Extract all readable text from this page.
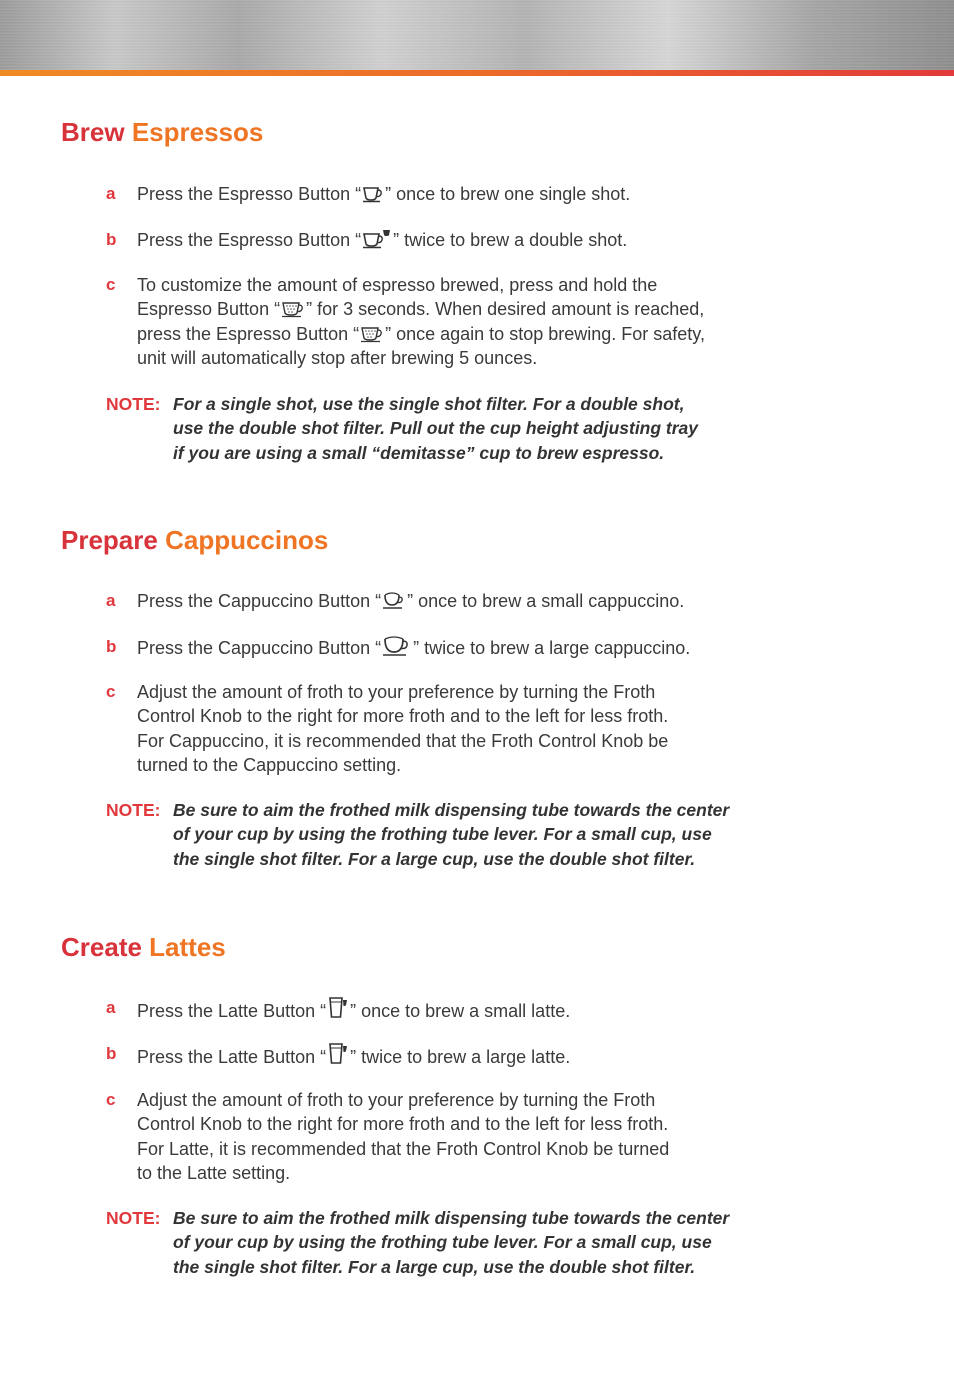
Brew Espressos
a Press the Espresso Button “ ” once to brew one single shot.
b Press the Espresso Button “ ” twice to brew a double shot.
c To customize the amount of espresso brewed, press and hold the
Espresso Button “ ” for 3 seconds. When desired amount is reached,
press the Espresso Button “ ” once again to stop brewing. For safety,
unit will automatically stop after brewing 5 ounces.
NOTE: For a single shot, use the single shot filter. For a double shot,
use the double shot filter. Pull out the cup height adjusting tray
if you are using a small “demitasse” cup to brew espresso.
Prepare Cappuccinos
a Press the Cappuccino Button “ ” once to brew a small cappuccino.
b Press the Cappuccino Button “ ” twice to brew a large cappuccino.
c Adjust the amount of froth to your preference by turning the Froth
Control Knob to the right for more froth and to the left for less froth.
For Cappuccino, it is recommended that the Froth Control Knob be
turned to the Cappuccino setting.
NOTE: Be sure to aim the frothed milk dispensing tube towards the center
of your cup by using the frothing tube lever. For a small cup, use
the single shot filter. For a large cup, use the double shot filter.
Create Lattes
a Press the Latte Button “ ” once to brew a small latte.
b Press the Latte Button “ ” twice to brew a large latte.
c Adjust the amount of froth to your preference by turning the Froth
Control Knob to the right for more froth and to the left for less froth.
For Latte, it is recommended that the Froth Control Knob be turned
to the Latte setting.
NOTE: Be sure to aim the frothed milk dispensing tube towards the center
of your cup by using the frothing tube lever. For a small cup, use
the single shot filter. For a large cup, use the double shot filter.
